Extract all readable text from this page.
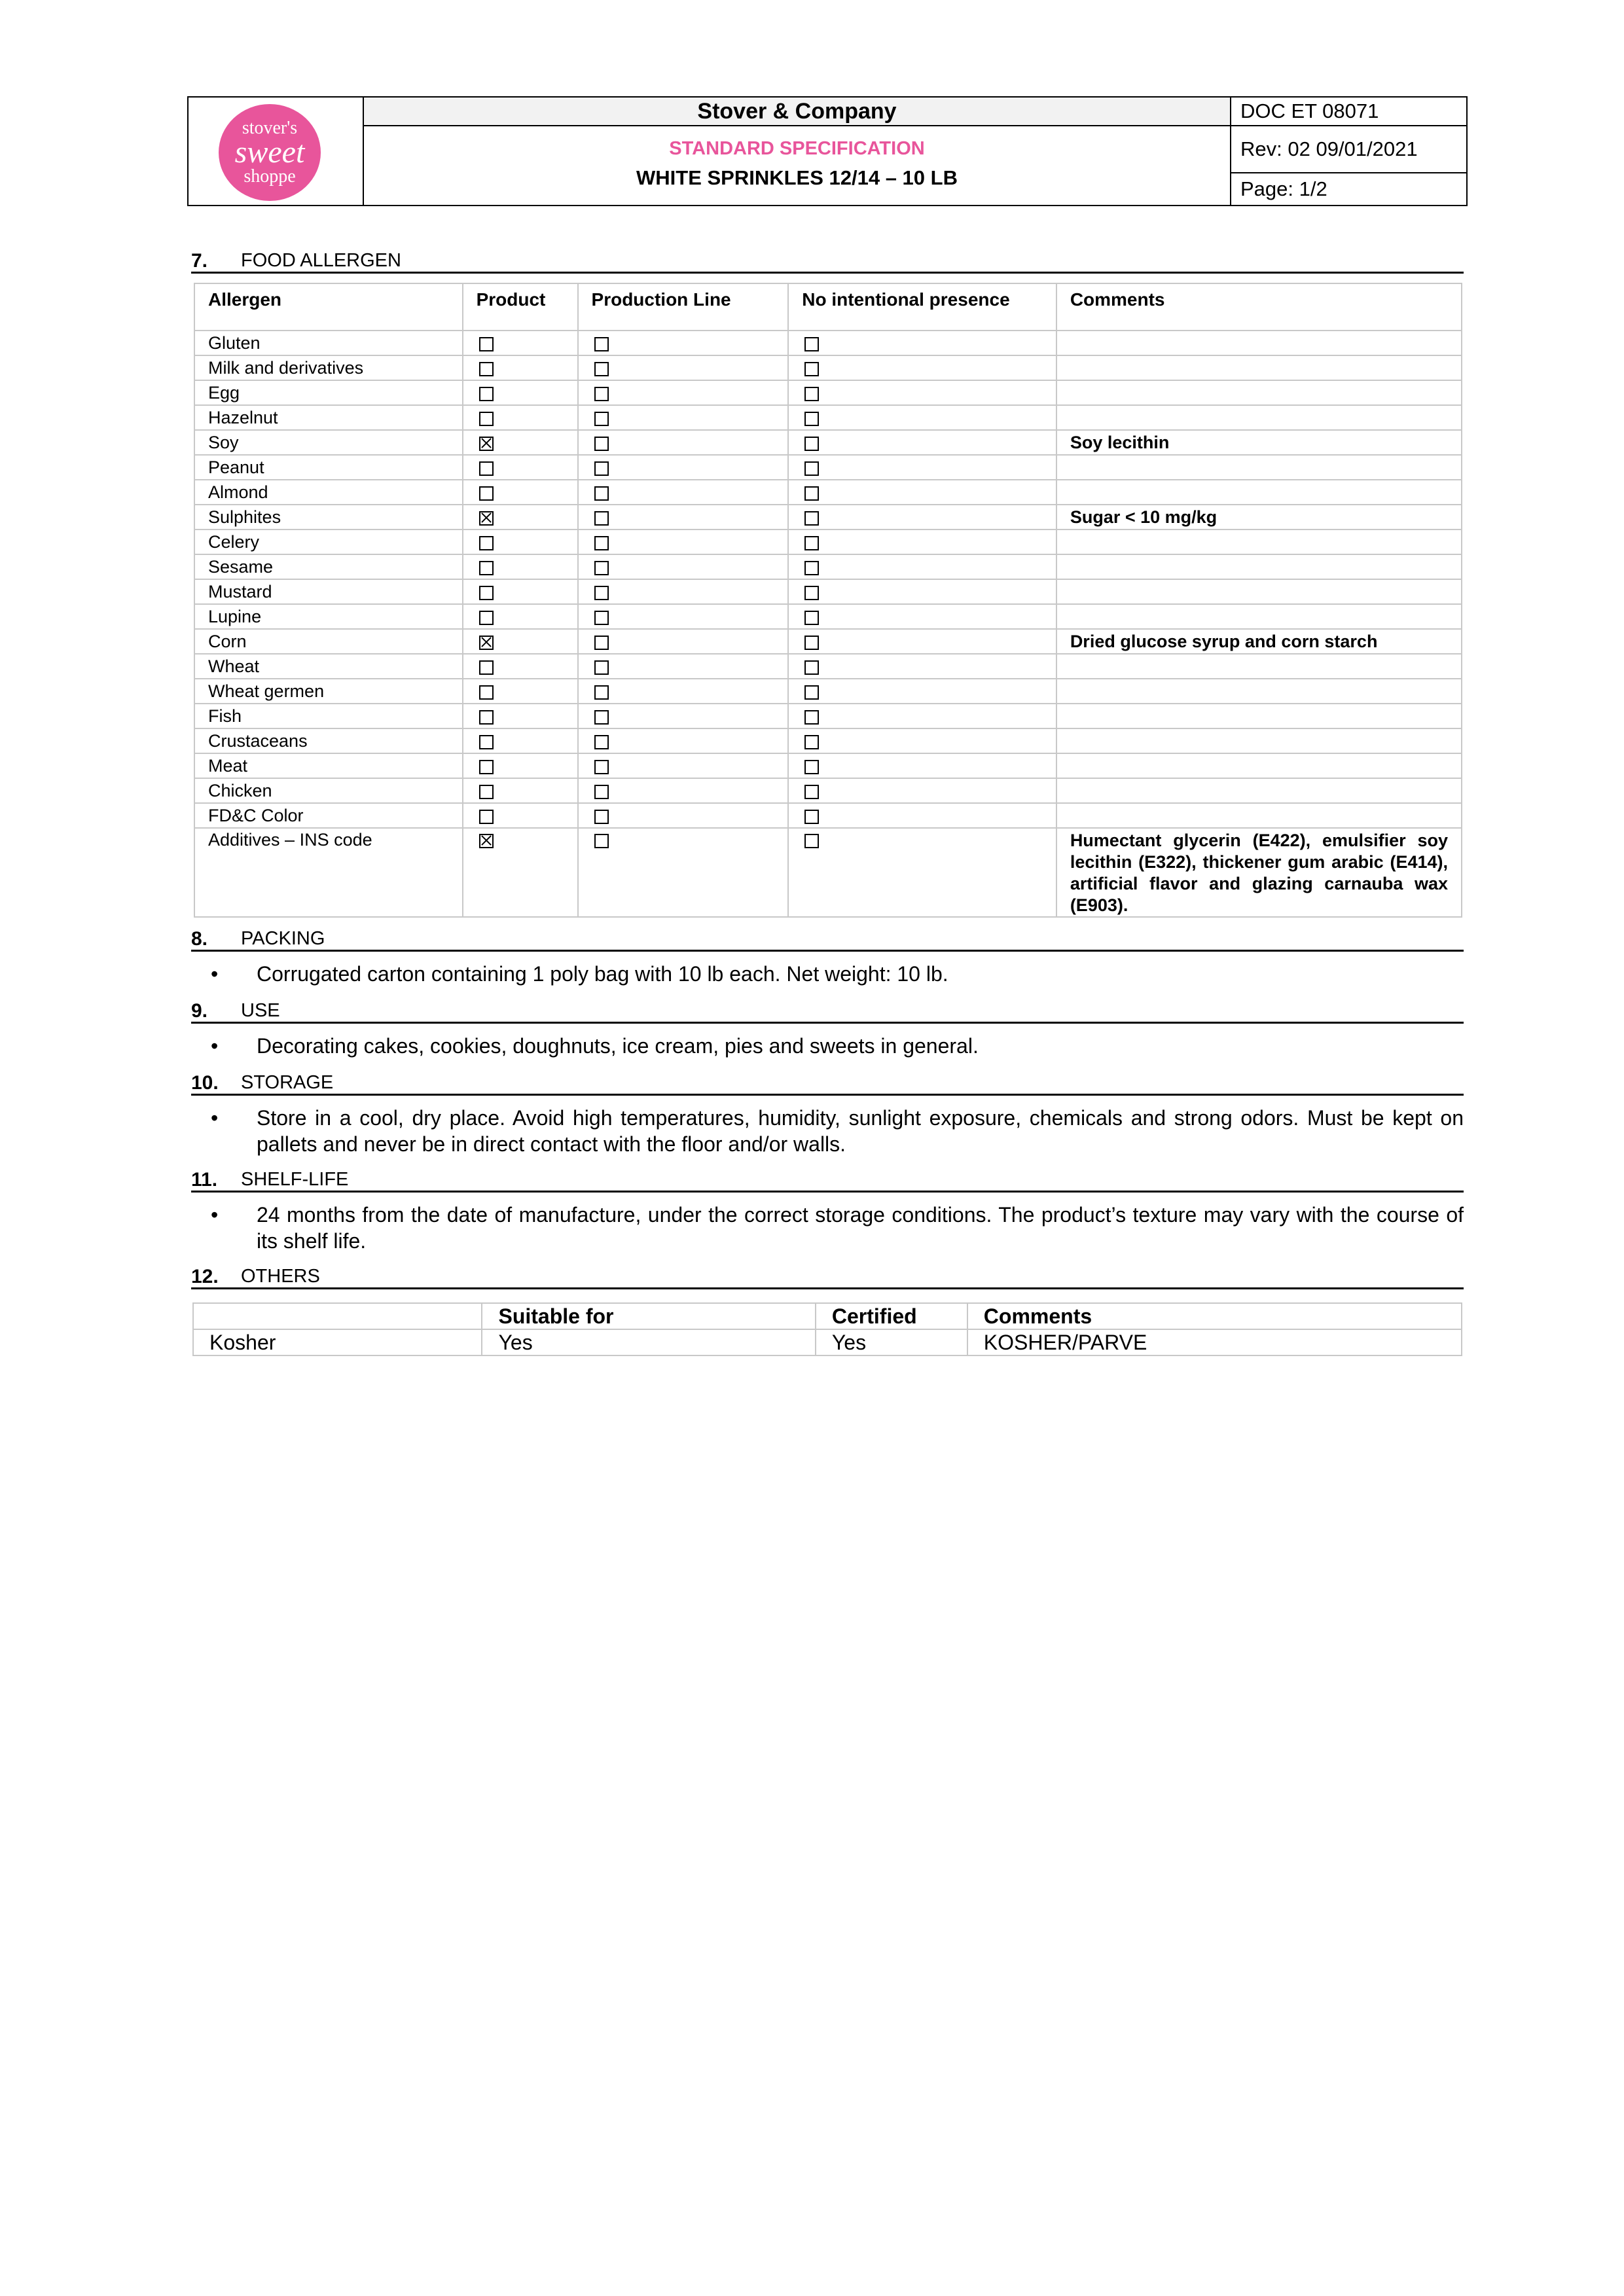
stover's
sweet
shoppe
Stover & Company
STANDARD SPECIFICATION
WHITE SPRINKLES 12/14 – 10 LB
DOC ET 08071
Rev: 02 09/01/2021
Page: 1/2
7. FOOD ALLERGEN
Allergen	Product	Production Line	No intentional presence	Comments
Gluten				
Milk and derivatives				
Egg				
Hazelnut				
Soy				Soy lecithin
Peanut				
Almond				
Sulphites				Sugar < 10 mg/kg
Celery				
Sesame				
Mustard				
Lupine				
Corn				Dried glucose syrup and corn starch
Wheat				
Wheat germen				
Fish				
Crustaceans				
Meat				
Chicken				
FD&C Color				
Additives – INS code				Humectant glycerin (E422), emulsifier soy lecithin (E322), thickener gum arabic (E414), artificial flavor and glazing carnauba wax (E903).
8. PACKING
• Corrugated carton containing 1 poly bag with 10 lb each. Net weight: 10 lb.
9. USE
• Decorating cakes, cookies, doughnuts, ice cream, pies and sweets in general.
10. STORAGE
• Store in a cool, dry place. Avoid high temperatures, humidity, sunlight exposure, chemicals and strong odors. Must be kept on pallets and never be in direct contact with the floor and/or walls.
11. SHELF-LIFE
• 24 months from the date of manufacture, under the correct storage conditions. The product’s texture may vary with the course of its shelf life.
12. OTHERS
	Suitable for	Certified	Comments
Kosher	Yes	Yes	KOSHER/PARVE
